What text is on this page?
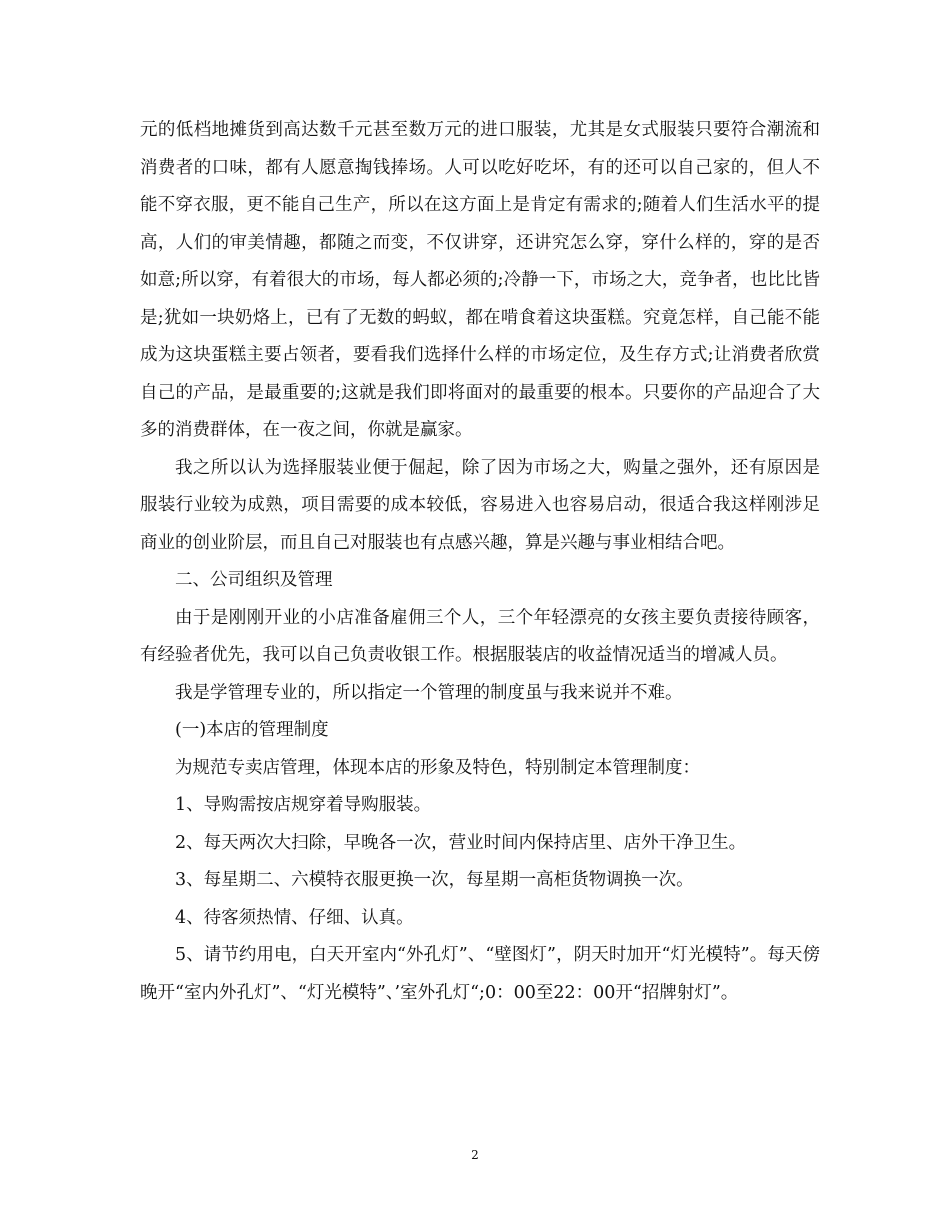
元的低档地摊货到高达数千元甚至数万元的进口服装，尤其是女式服装只要符合潮流和消费者的口味，都有人愿意掏钱捧场。人可以吃好吃坏，有的还可以自己家的，但人不能不穿衣服，更不能自己生产，所以在这方面上是肯定有需求的;随着人们生活水平的提高，人们的审美情趣，都随之而变，不仅讲穿，还讲究怎么穿，穿什么样的，穿的是否如意;所以穿，有着很大的市场，每人都必须的;冷静一下，市场之大，竞争者，也比比皆是;犹如一块奶烙上，已有了无数的蚂蚁，都在啃食着这块蛋糕。究竟怎样，自己能不能成为这块蛋糕主要占领者，要看我们选择什么样的市场定位，及生存方式;让消费者欣赏自己的产品，是最重要的;这就是我们即将面对的最重要的根本。只要你的产品迎合了大多的消费群体，在一夜之间，你就是赢家。

我之所以认为选择服装业便于倔起，除了因为市场之大，购量之强外，还有原因是服装行业较为成熟，项目需要的成本较低，容易进入也容易启动，很适合我这样刚涉足商业的创业阶层，而且自己对服装也有点感兴趣，算是兴趣与事业相结合吧。

二、公司组织及管理

由于是刚刚开业的小店准备雇佣三个人，三个年轻漂亮的女孩主要负责接待顾客，有经验者优先，我可以自己负责收银工作。根据服装店的收益情况适当的增减人员。

我是学管理专业的，所以指定一个管理的制度虽与我来说并不难。

(一)本店的管理制度

为规范专卖店管理，体现本店的形象及特色，特别制定本管理制度：

1、导购需按店规穿着导购服装。

2、每天两次大扫除，早晚各一次，营业时间内保持店里、店外干净卫生。

3、每星期二、六模特衣服更换一次，每星期一高柜货物调换一次。

4、待客须热情、仔细、认真。

5、请节约用电，白天开室内“外孔灯”、“壁图灯”，阴天时加开“灯光模特”。每天傍晚开“室内外孔灯”、“灯光模特”、’室外孔灯“;0：00至22：00开“招牌射灯”。

2
